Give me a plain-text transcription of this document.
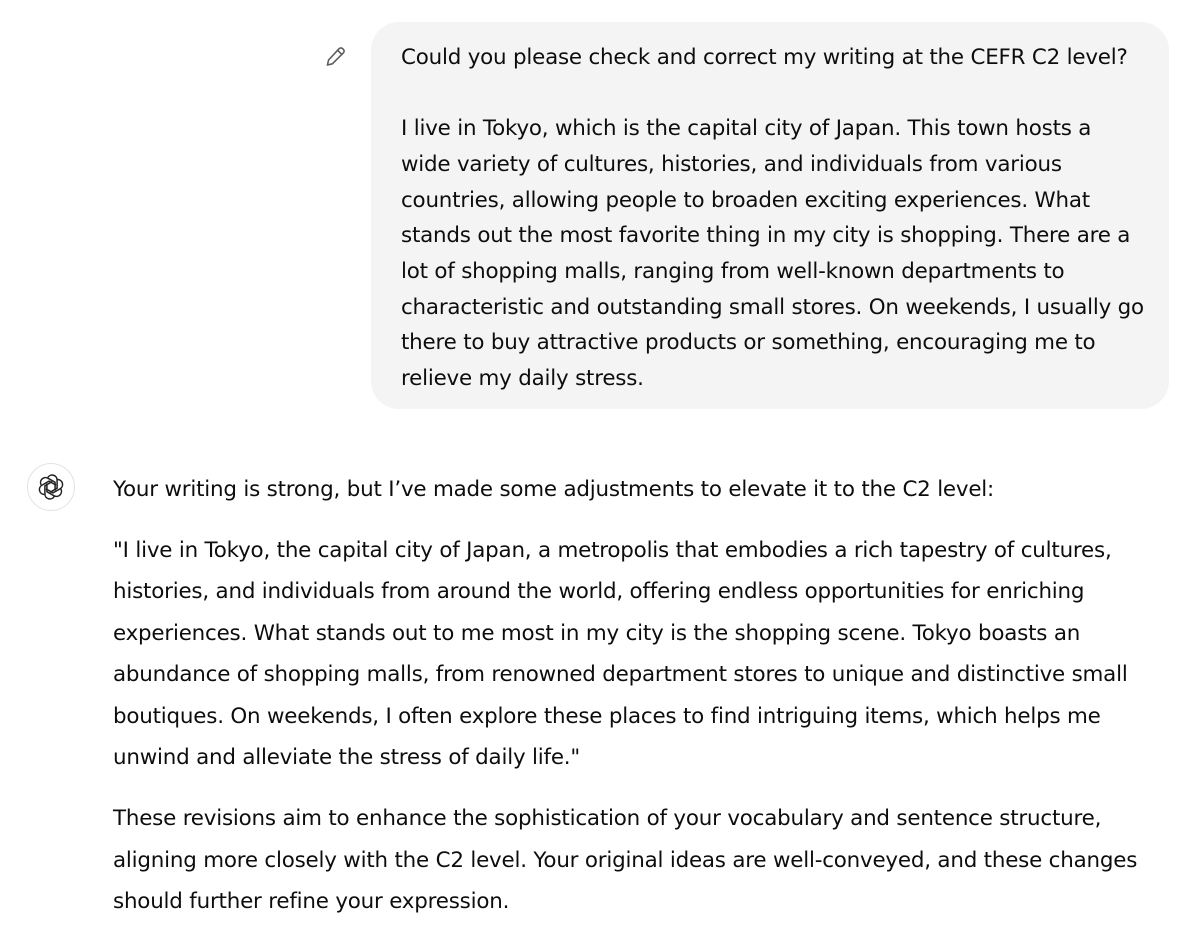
Could you please check and correct my writing at the CEFR C2 level?

I live in Tokyo, which is the capital city of Japan. This town hosts a wide variety of cultures, histories, and individuals from various countries, allowing people to broaden exciting experiences. What stands out the most favorite thing in my city is shopping. There are a lot of shopping malls, ranging from well-known departments to characteristic and outstanding small stores. On weekends, I usually go there to buy attractive products or something, encouraging me to relieve my daily stress.

Your writing is strong, but I’ve made some adjustments to elevate it to the C2 level:

"I live in Tokyo, the capital city of Japan, a metropolis that embodies a rich tapestry of cultures, histories, and individuals from around the world, offering endless opportunities for enriching experiences. What stands out to me most in my city is the shopping scene. Tokyo boasts an abundance of shopping malls, from renowned department stores to unique and distinctive small boutiques. On weekends, I often explore these places to find intriguing items, which helps me unwind and alleviate the stress of daily life."

These revisions aim to enhance the sophistication of your vocabulary and sentence structure, aligning more closely with the C2 level. Your original ideas are well-conveyed, and these changes should further refine your expression.
